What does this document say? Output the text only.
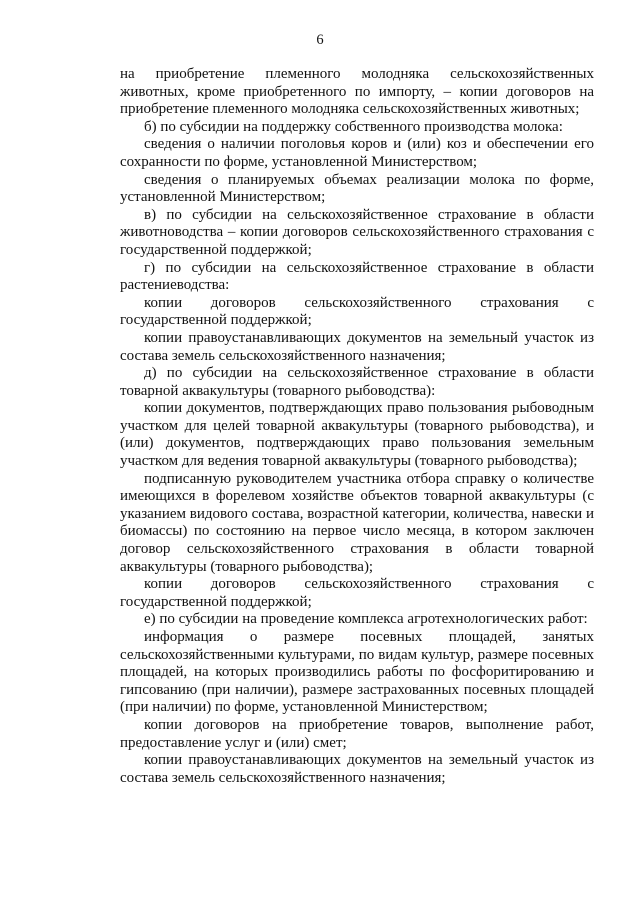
6

на приобретение племенного молодняка сельскохозяйственных животных, кроме приобретенного по импорту, – копии договоров на приобретение племенного молодняка сельскохозяйственных животных;

б) по субсидии на поддержку собственного производства молока:

сведения о наличии поголовья коров и (или) коз и обеспечении его сохранности по форме, установленной Министерством;

сведения о планируемых объемах реализации молока по форме, установленной Министерством;

в) по субсидии на сельскохозяйственное страхование в области животноводства – копии договоров сельскохозяйственного страхования с государственной поддержкой;

г) по субсидии на сельскохозяйственное страхование в области растениеводства:

копии договоров сельскохозяйственного страхования с государственной поддержкой;

копии правоустанавливающих документов на земельный участок из состава земель сельскохозяйственного назначения;

д) по субсидии на сельскохозяйственное страхование в области товарной аквакультуры (товарного рыбоводства):

копии документов, подтверждающих право пользования рыбоводным участком для целей товарной аквакультуры (товарного рыбоводства), и (или) документов, подтверждающих право пользования земельным участком для ведения товарной аквакультуры (товарного рыбоводства);

подписанную руководителем участника отбора справку о количестве имеющихся в форелевом хозяйстве объектов товарной аквакультуры (с указанием видового состава, возрастной категории, количества, навески и биомассы) по состоянию на первое число месяца, в котором заключен договор сельскохозяйственного страхования в области товарной аквакультуры (товарного рыбоводства);

копии договоров сельскохозяйственного страхования с государственной поддержкой;

е) по субсидии на проведение комплекса агротехнологических работ:

информация о размере посевных площадей, занятых сельскохозяйственными культурами, по видам культур, размере посевных площадей, на которых производились работы по фосфоритированию и гипсованию (при наличии), размере застрахованных посевных площадей (при наличии) по форме, установленной Министерством;

копии договоров на приобретение товаров, выполнение работ, предоставление услуг и (или) смет;

копии правоустанавливающих документов на земельный участок из состава земель сельскохозяйственного назначения;
